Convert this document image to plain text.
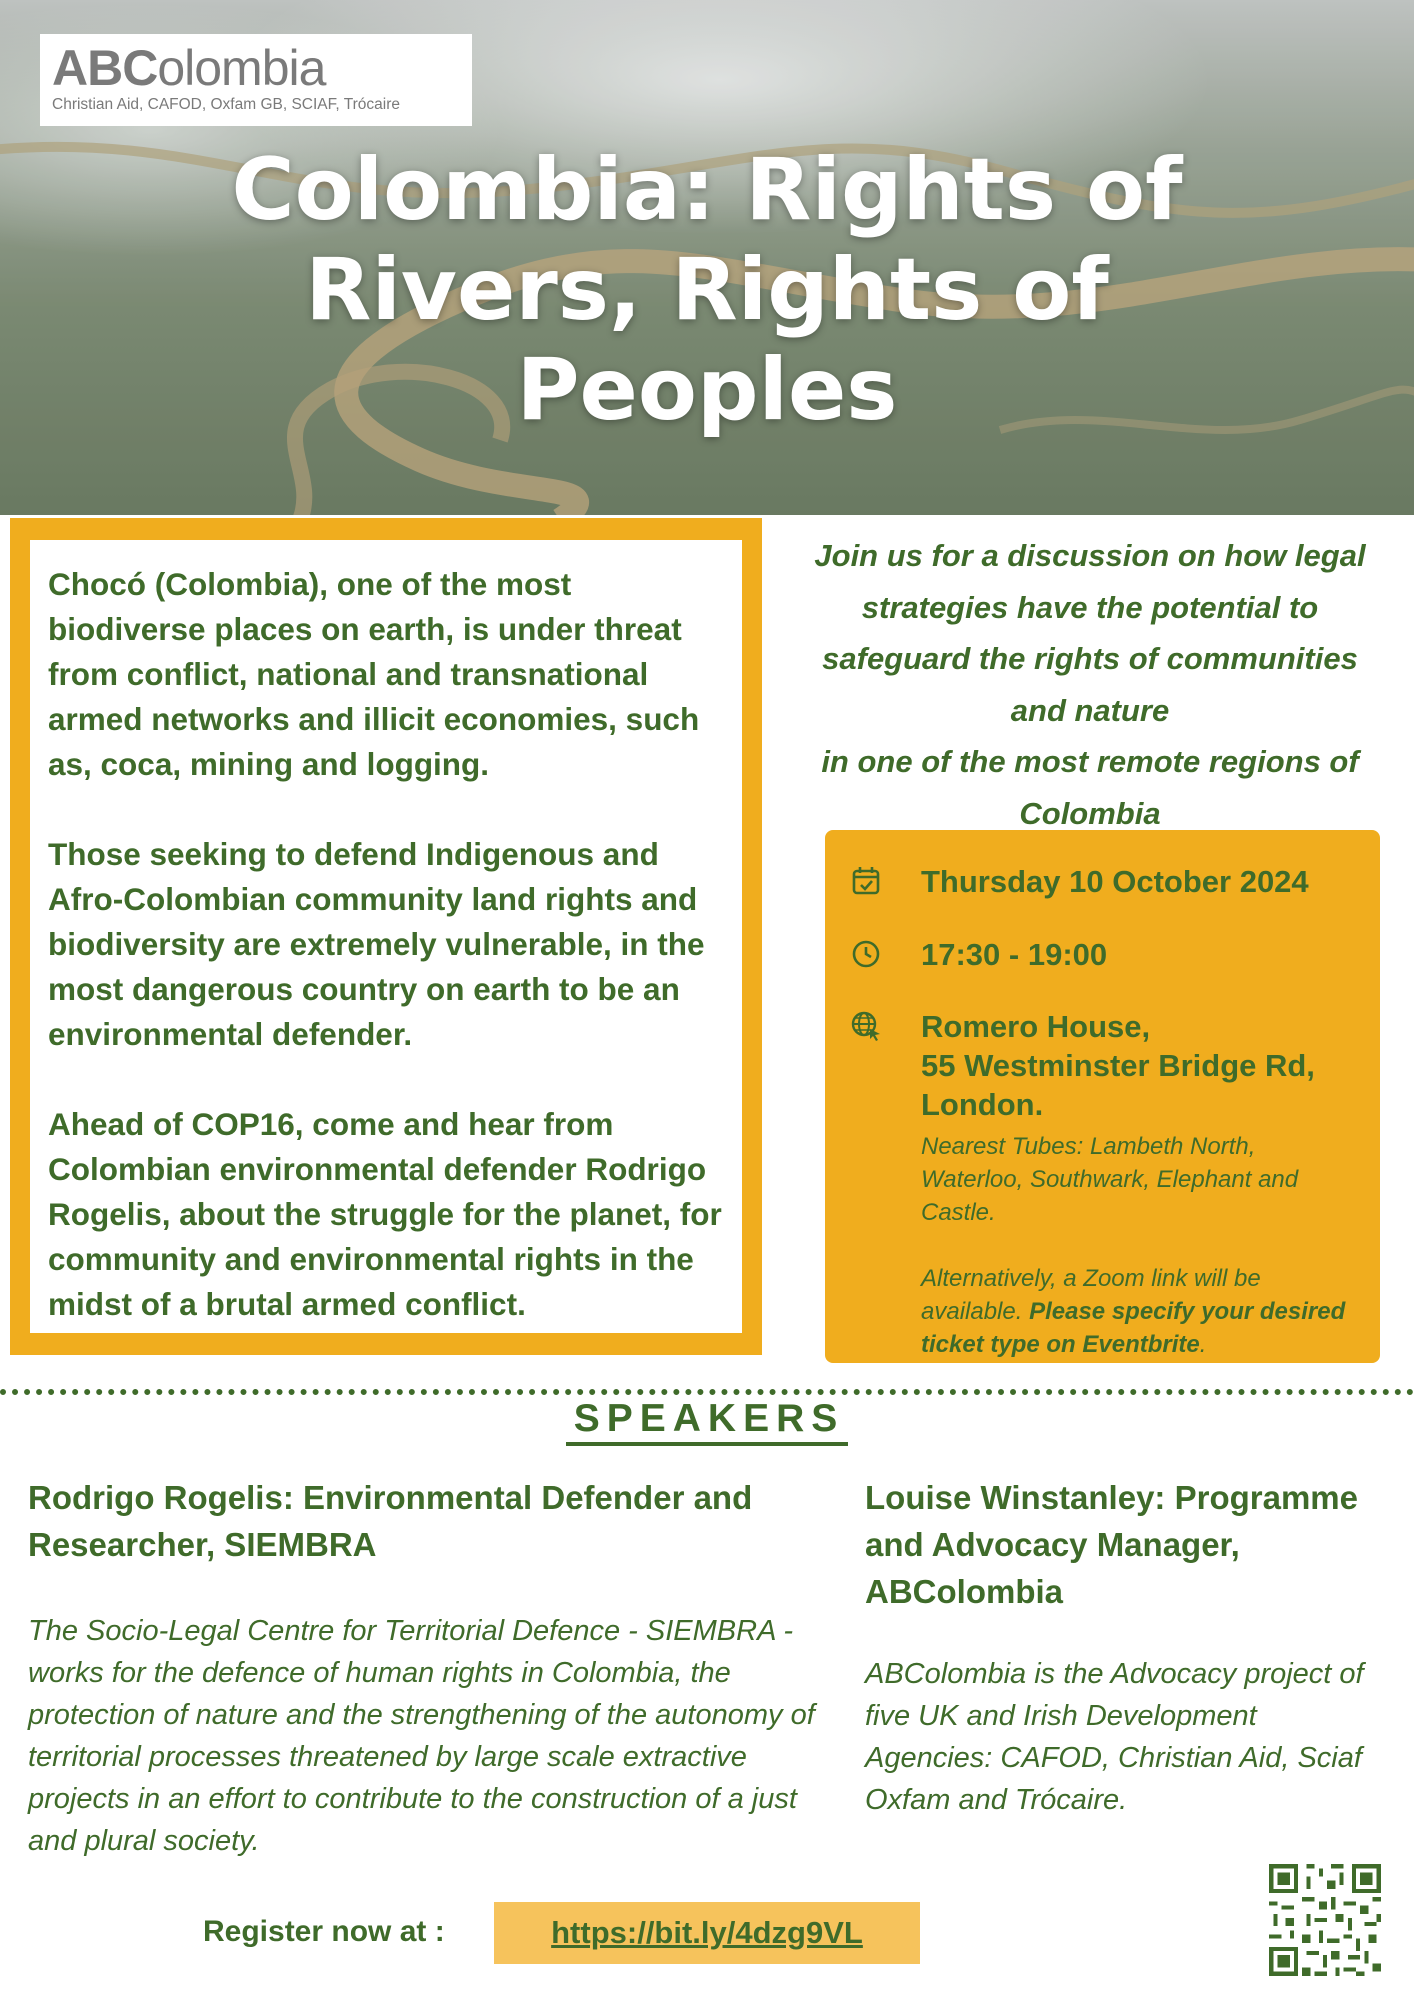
ABColombia
Christian Aid, CAFOD, Oxfam GB, SCIAF, Trócaire
Colombia: Rights of
Rivers, Rights of
Peoples

Chocó (Colombia), one of the most biodiverse places on earth, is under threat from conflict, national and transnational armed networks and illicit economies, such as, coca, mining and logging.

Those seeking to defend Indigenous and Afro-Colombian community land rights and biodiversity are extremely vulnerable, in the most dangerous country on earth to be an environmental defender.

Ahead of COP16, come and hear from Colombian environmental defender Rodrigo Rogelis, about the struggle for the planet, for community and environmental rights in the midst of a brutal armed conflict.

Join us for a discussion on how legal
strategies have the potential to
safeguard the rights of communities
and nature
in one of the most remote regions of
Colombia
Thursday 10 October 2024
17:30 - 19:00
Romero House,
55 Westminster Bridge Rd,
London.
Nearest Tubes: Lambeth North, Waterloo, Southwark, Elephant and Castle.
Alternatively, a Zoom link will be available. Please specify your desired ticket type on Eventbrite.
SPEAKERS
Rodrigo Rogelis: Environmental Defender and Researcher, SIEMBRA
The Socio-Legal Centre for Territorial Defence - SIEMBRA - works for the defence of human rights in Colombia, the protection of nature and the strengthening of the autonomy of territorial processes threatened by large scale extractive projects in an effort to contribute to the construction of a just and plural society.
Louise Winstanley: Programme and Advocacy Manager, ABColombia
ABColombia is the Advocacy project of five UK and Irish Development Agencies: CAFOD, Christian Aid, Sciaf Oxfam and Trócaire.
Register now at :	https://bit.ly/4dzg9VL
